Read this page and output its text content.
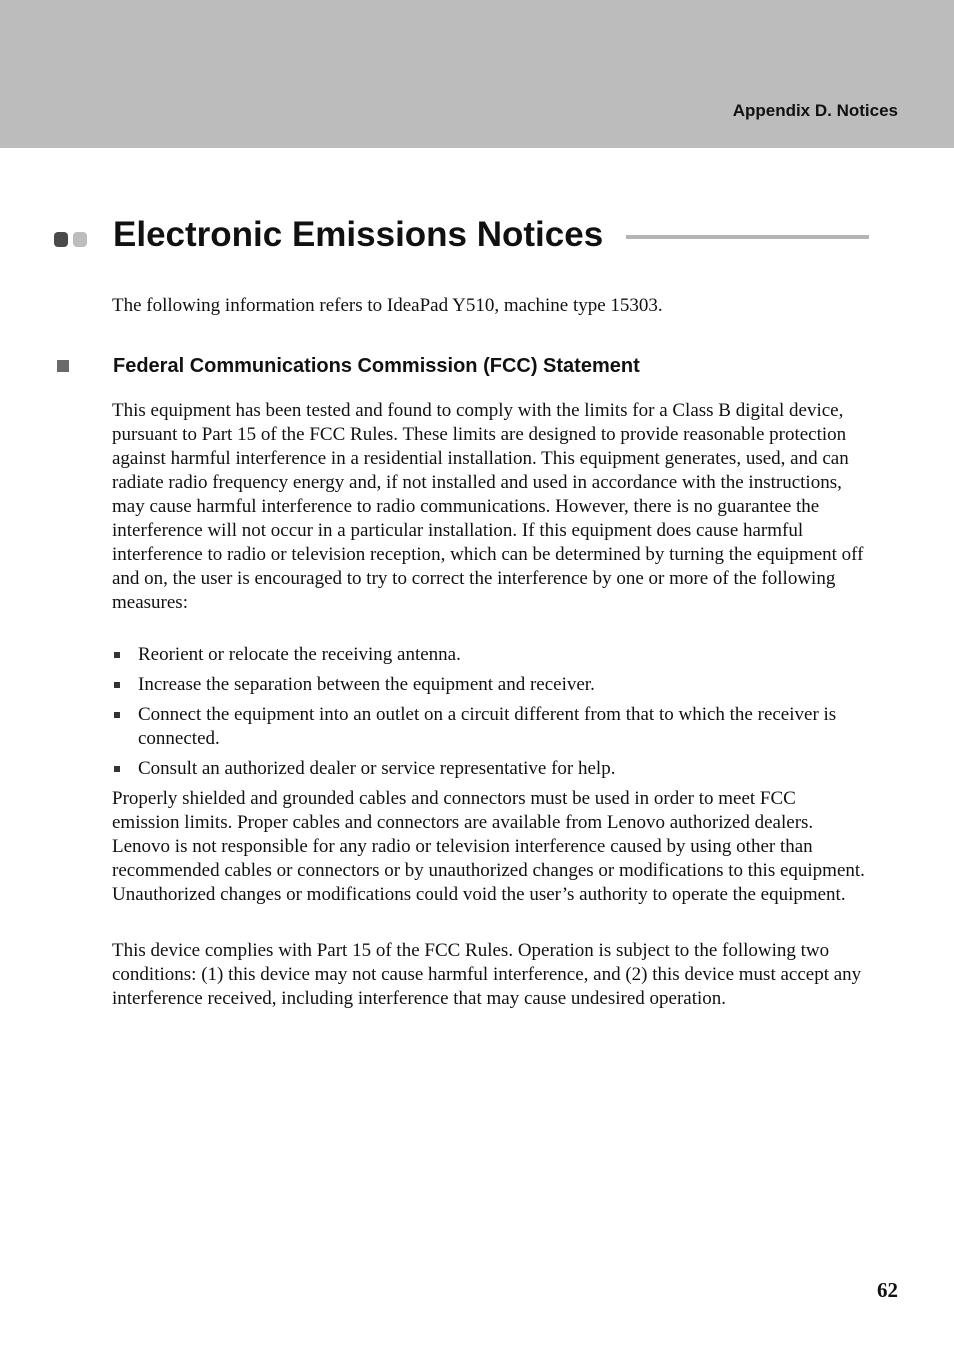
Appendix D. Notices
Electronic Emissions Notices

The following information refers to IdeaPad Y510, machine type 15303.

Federal Communications Commission (FCC) Statement

This equipment has been tested and found to comply with the limits for a Class B digital device, pursuant to Part 15 of the FCC Rules. These limits are designed to provide reasonable protection against harmful interference in a residential installation. This equipment generates, used, and can radiate radio frequency energy and, if not installed and used in accordance with the instructions, may cause harmful interference to radio communications. However, there is no guarantee the interference will not occur in a particular installation. If this equipment does cause harmful interference to radio or television reception, which can be determined by turning the equipment off and on, the user is encouraged to try to correct the interference by one or more of the following measures:

Reorient or relocate the receiving antenna.
Increase the separation between the equipment and receiver.
Connect the equipment into an outlet on a circuit different from that to which the receiver is connected.
Consult an authorized dealer or service representative for help.

Properly shielded and grounded cables and connectors must be used in order to meet FCC emission limits. Proper cables and connectors are available from Lenovo authorized dealers. Lenovo is not responsible for any radio or television interference caused by using other than recommended cables or connectors or by unauthorized changes or modifications to this equipment. Unauthorized changes or modifications could void the user’s authority to operate the equipment.

This device complies with Part 15 of the FCC Rules. Operation is subject to the following two conditions: (1) this device may not cause harmful interference, and (2) this device must accept any interference received, including interference that may cause undesired operation.

62
